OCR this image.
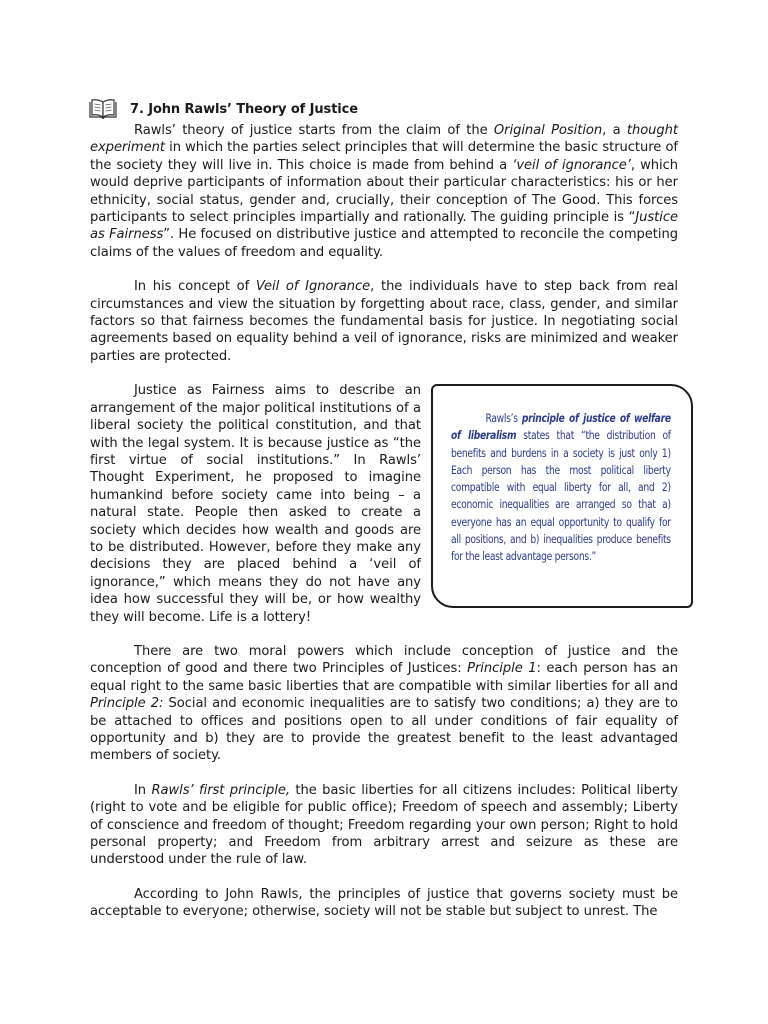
7. John Rawls’ Theory of Justice

Rawls’ theory of justice starts from the claim of the Original Position, a thought experiment in which the parties select principles that will determine the basic structure of the society they will live in. This choice is made from behind a ‘veil of ignorance’, which would deprive participants of information about their particular characteristics: his or her ethnicity, social status, gender and, crucially, their conception of The Good. This forces participants to select principles impartially and rationally. The guiding principle is “Justice as Fairness”. He focused on distributive justice and attempted to reconcile the competing claims of the values of freedom and equality.

In his concept of Veil of Ignorance, the individuals have to step back from real circumstances and view the situation by forgetting about race, class, gender, and similar factors so that fairness becomes the fundamental basis for justice. In negotiating social agreements based on equality behind a veil of ignorance, risks are minimized and weaker parties are protected.

Rawls’s principle of justice of welfare of liberalism states that “the distribution of benefits and burdens in a society is just only 1) Each person has the most political liberty compatible with equal liberty for all, and 2) economic inequalities are arranged so that a) everyone has an equal opportunity to qualify for all positions, and b) inequalities produce benefits for the least advantage persons.”

Justice as Fairness aims to describe an arrangement of the major political institutions of a liberal society the political constitution, and that with the legal system. It is because justice as “the first virtue of social institutions.” In Rawls’ Thought Experiment, he proposed to imagine humankind before society came into being – a natural state. People then asked to create a society which decides how wealth and goods are to be distributed. However, before they make any decisions they are placed behind a ‘veil of ignorance,” which means they do not have any idea how successful they will be, or how wealthy they will become. Life is a lottery!

There are two moral powers which include conception of justice and the conception of good and there two Principles of Justices: Principle 1: each person has an equal right to the same basic liberties that are compatible with similar liberties for all and Principle 2: Social and economic inequalities are to satisfy two conditions; a) they are to be attached to offices and positions open to all under conditions of fair equality of opportunity and b) they are to provide the greatest benefit to the least advantaged members of society.

In Rawls’ first principle, the basic liberties for all citizens includes: Political liberty (right to vote and be eligible for public office); Freedom of speech and assembly; Liberty of conscience and freedom of thought; Freedom regarding your own person; Right to hold personal property; and Freedom from arbitrary arrest and seizure as these are understood under the rule of law.

According to John Rawls, the principles of justice that governs society must be acceptable to everyone; otherwise, society will not be stable but subject to unrest. The
